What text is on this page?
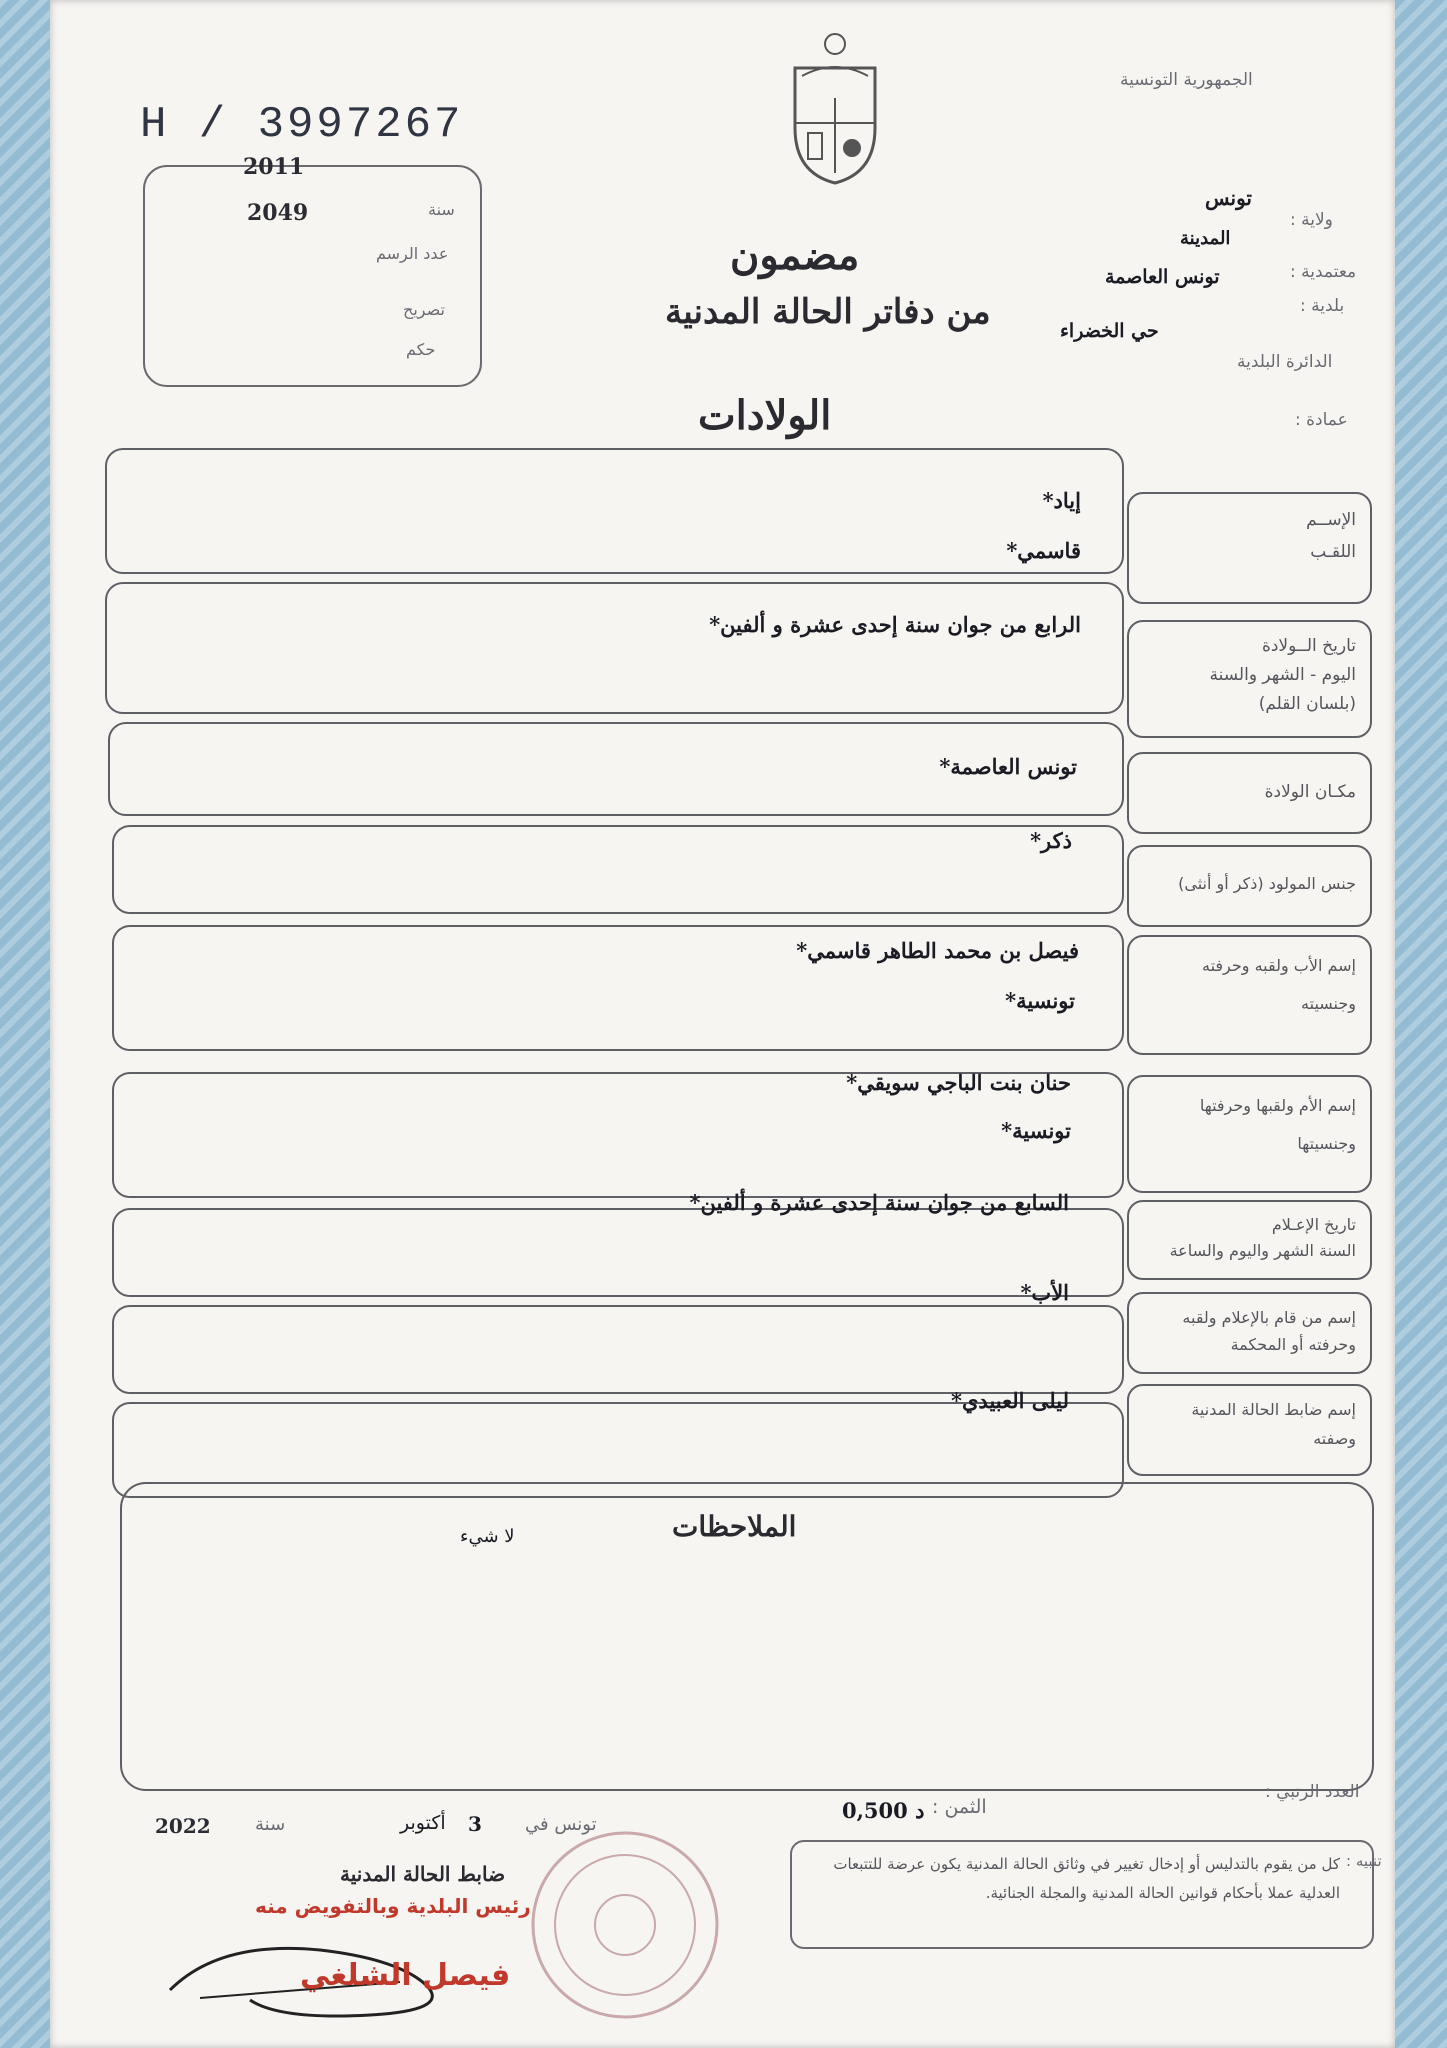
H / 3997267
الجمهورية التونسية
ولاية :
معتمدية :
بلدية :
الدائرة البلدية
عمادة :
تونس
المدينة
تونس العاصمة
حي الخضراء
سنة
عدد الرسم
تصريح
حكم
2011
2049
مضمون
من دفاتر الحالة المدنية
الولادات
الإســم
اللقـب
إياد*
قاسمي*
تاريخ الــولادة
اليوم - الشهر والسنة
(بلسان القلم)
الرابع من جوان سنة إحدى عشرة و ألفين*
مكـان الولادة
تونس العاصمة*
جنس المولود (ذكر أو أنثى)
ذكر*
إسم الأب ولقبه وحرفته
وجنسيته
فيصل بن محمد الطاهر قاسمي*
تونسية*
إسم الأم ولقبها وحرفتها
وجنسيتها
حنان بنت الباجي سويقي*
تونسية*
تاريخ الإعـلام
السنة الشهر واليوم والساعة
السابع من جوان سنة إحدى عشرة و ألفين*
إسم من قام بالإعلام ولقبه
وحرفته أو المحكمة
الأب*
إسم ضابط الحالة المدنية
وصفته
ليلى العبيدي*
الملاحظات
لا شيء
العدد الرتبي :
الثمن :
0,500 د
تونس في
3
أكتوبر
سنة
2022
ضابط الحالة المدنية
رئيس البلدية وبالتفويض منه
فيصل الشلغي
تنبيه :
كل من يقوم بالتدليس أو إدخال تغيير في وثائق الحالة المدنية يكون عرضة للتتبعات العدلية عملا بأحكام قوانين الحالة المدنية والمجلة الجنائية.
